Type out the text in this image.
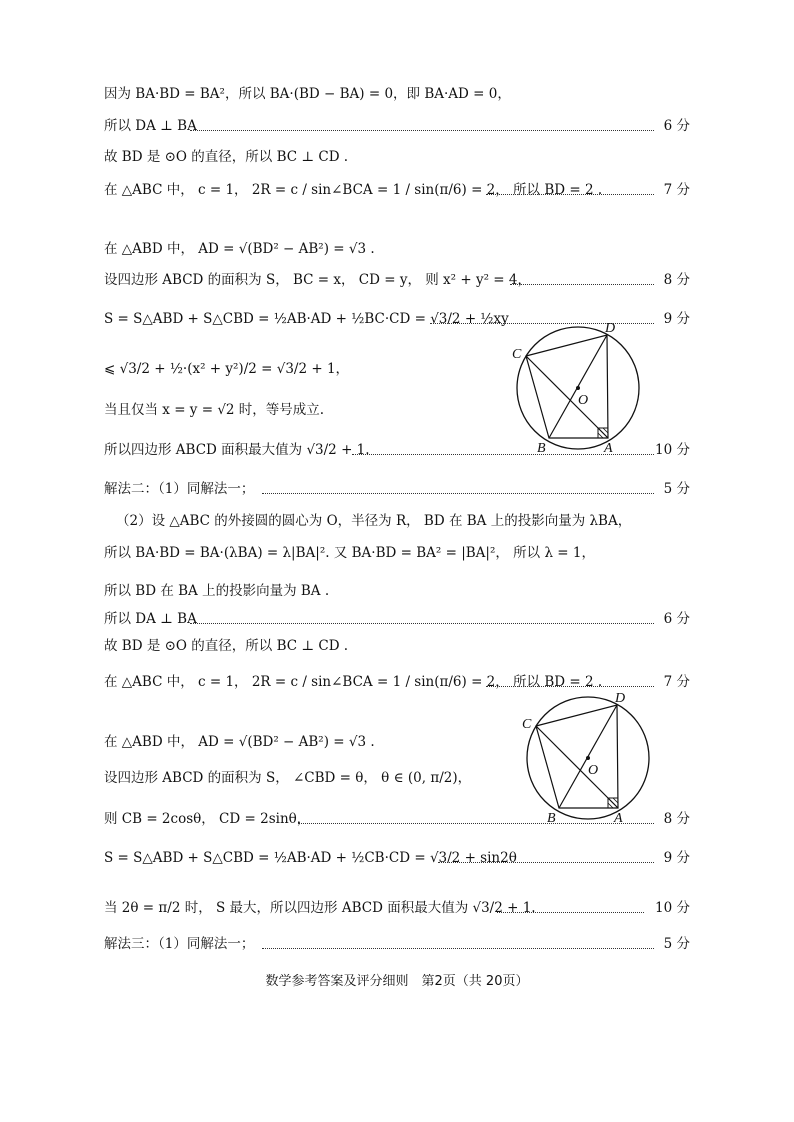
因为 BA·BD = BA²，所以 BA·(BD − BA) = 0，即 BA·AD = 0，
所以 DA ⊥ BA	6 分
故 BD 是 ⊙O 的直径，所以 BC ⊥ CD .
在 △ABC 中， c = 1， 2R = c / sin∠BCA = 1 / sin(π/6) = 2， 所以 BD = 2 .	7 分
在 △ABD 中， AD = √(BD² − AB²) = √3 .
设四边形 ABCD 的面积为 S， BC = x， CD = y， 则 x² + y² = 4，	8 分
S = S△ABD + S△CBD = ½AB·AD + ½BC·CD = √3/2 + ½xy	9 分
⩽ √3/2 + ½·(x² + y²)/2 = √3/2 + 1，
当且仅当 x = y = √2 时，等号成立.
所以四边形 ABCD 面积最大值为 √3/2 + 1.	10 分
解法二：（1）同解法一；	5 分
（2）设 △ABC 的外接圆的圆心为 O，半径为 R， BD 在 BA 上的投影向量为 λBA，
所以 BA·BD = BA·(λBA) = λ|BA|². 又 BA·BD = BA² = |BA|²， 所以 λ = 1，
所以 BD 在 BA 上的投影向量为 BA .
所以 DA ⊥ BA	6 分
故 BD 是 ⊙O 的直径，所以 BC ⊥ CD .
在 △ABC 中， c = 1， 2R = c / sin∠BCA = 1 / sin(π/6) = 2， 所以 BD = 2 .	7 分
在 △ABD 中， AD = √(BD² − AB²) = √3 .
设四边形 ABCD 的面积为 S， ∠CBD = θ， θ ∈ (0, π/2)，
则 CB = 2cosθ， CD = 2sinθ，	8 分
S = S△ABD + S△CBD = ½AB·AD + ½CB·CD = √3/2 + sin2θ	9 分
当 2θ = π/2 时， S 最大，所以四边形 ABCD 面积最大值为 √3/2 + 1.	10 分
解法三：（1）同解法一；	5 分
C
D
O
B	A
C
D
O
B	A
数学参考答案及评分细则　第2页（共 20页）
